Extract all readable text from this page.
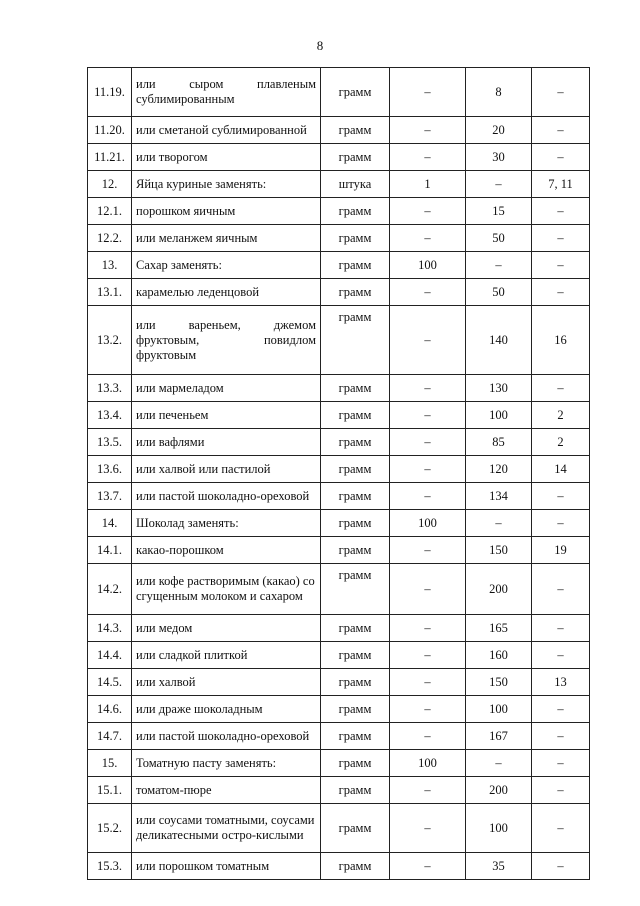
8
11.19.	или сыром плавленым сублимированным	грамм	–	8	–
11.20.	или сметаной сублимированной	грамм	–	20	–
11.21.	или творогом	грамм	–	30	–
12.	Яйца куриные заменять:	штука	1	–	7, 11
12.1.	порошком яичным	грамм	–	15	–
12.2.	или меланжем яичным	грамм	–	50	–
13.	Сахар заменять:	грамм	100	–	–
13.1.	карамелью леденцовой	грамм	–	50	–
13.2.	или вареньем, джемом фруктовым, повидлом фруктовым	грамм	–	140	16
13.3.	или мармеладом	грамм	–	130	–
13.4.	или печеньем	грамм	–	100	2
13.5.	или вафлями	грамм	–	85	2
13.6.	или халвой или пастилой	грамм	–	120	14
13.7.	или пастой шоколадно-ореховой	грамм	–	134	–
14.	Шоколад заменять:	грамм	100	–	–
14.1.	какао-порошком	грамм	–	150	19
14.2.	или кофе растворимым (какао) со сгущенным молоком и сахаром	грамм	–	200	–
14.3.	или медом	грамм	–	165	–
14.4.	или сладкой плиткой	грамм	–	160	–
14.5.	или халвой	грамм	–	150	13
14.6.	или драже шоколадным	грамм	–	100	–
14.7.	или пастой шоколадно-ореховой	грамм	–	167	–
15.	Томатную пасту заменять:	грамм	100	–	–
15.1.	томатом-пюре	грамм	–	200	–
15.2.	или соусами томатными, соусами деликатесными остро-кислыми	грамм	–	100	–
15.3.	или порошком томатным	грамм	–	35	–
